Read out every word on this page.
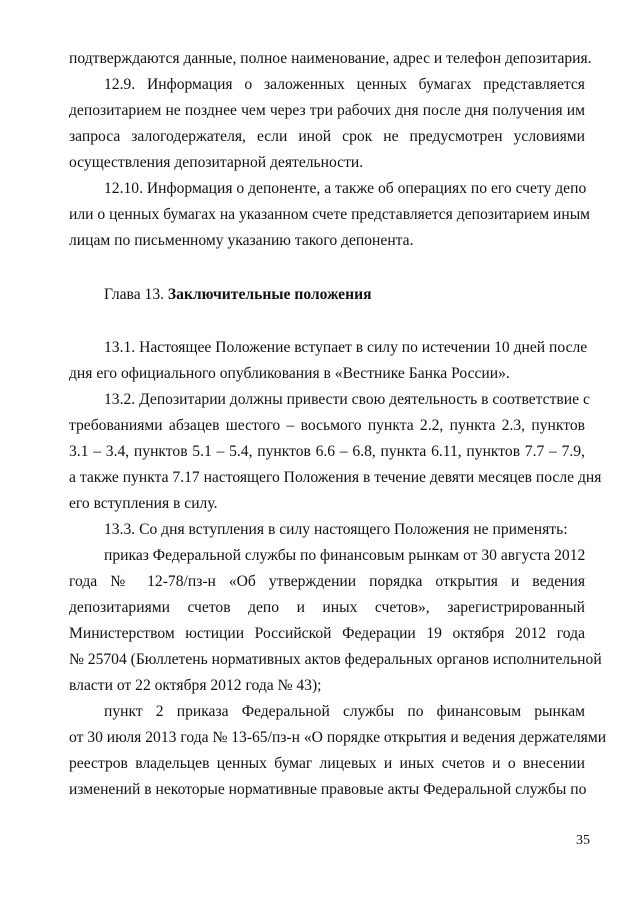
подтверждаются данные, полное наименование, адрес и телефон депозитария.
12.9. Информация о заложенных ценных бумагах представляется
депозитарием не позднее чем через три рабочих дня после дня получения им
запроса залогодержателя, если иной срок не предусмотрен условиями
осуществления депозитарной деятельности.
12.10. Информация о депоненте, а также об операциях по его счету депо
или о ценных бумагах на указанном счете представляется депозитарием иным
лицам по письменному указанию такого депонента.
Глава 13. Заключительные положения
13.1. Настоящее Положение вступает в силу по истечении 10 дней после
дня его официального опубликования в «Вестнике Банка России».
13.2. Депозитарии должны привести свою деятельность в соответствие с
требованиями абзацев шестого – восьмого пункта 2.2, пункта 2.3, пунктов
3.1 – 3.4, пунктов 5.1 – 5.4, пунктов 6.6 – 6.8, пункта 6.11, пунктов 7.7 – 7.9,
а также пункта 7.17 настоящего Положения в течение девяти месяцев после дня
его вступления в силу.
13.3. Со дня вступления в силу настоящего Положения не применять:
приказ Федеральной службы по финансовым рынкам от 30 августа 2012
года № 12-78/пз-н «Об утверждении порядка открытия и ведения
депозитариями счетов депо и иных счетов», зарегистрированный
Министерством юстиции Российской Федерации 19 октября 2012 года
№ 25704 (Бюллетень нормативных актов федеральных органов исполнительной
власти от 22 октября 2012 года № 43);
пункт 2 приказа Федеральной службы по финансовым рынкам
от 30 июля 2013 года № 13-65/пз-н «О порядке открытия и ведения держателями
реестров владельцев ценных бумаг лицевых и иных счетов и о внесении
изменений в некоторые нормативные правовые акты Федеральной службы по
35
